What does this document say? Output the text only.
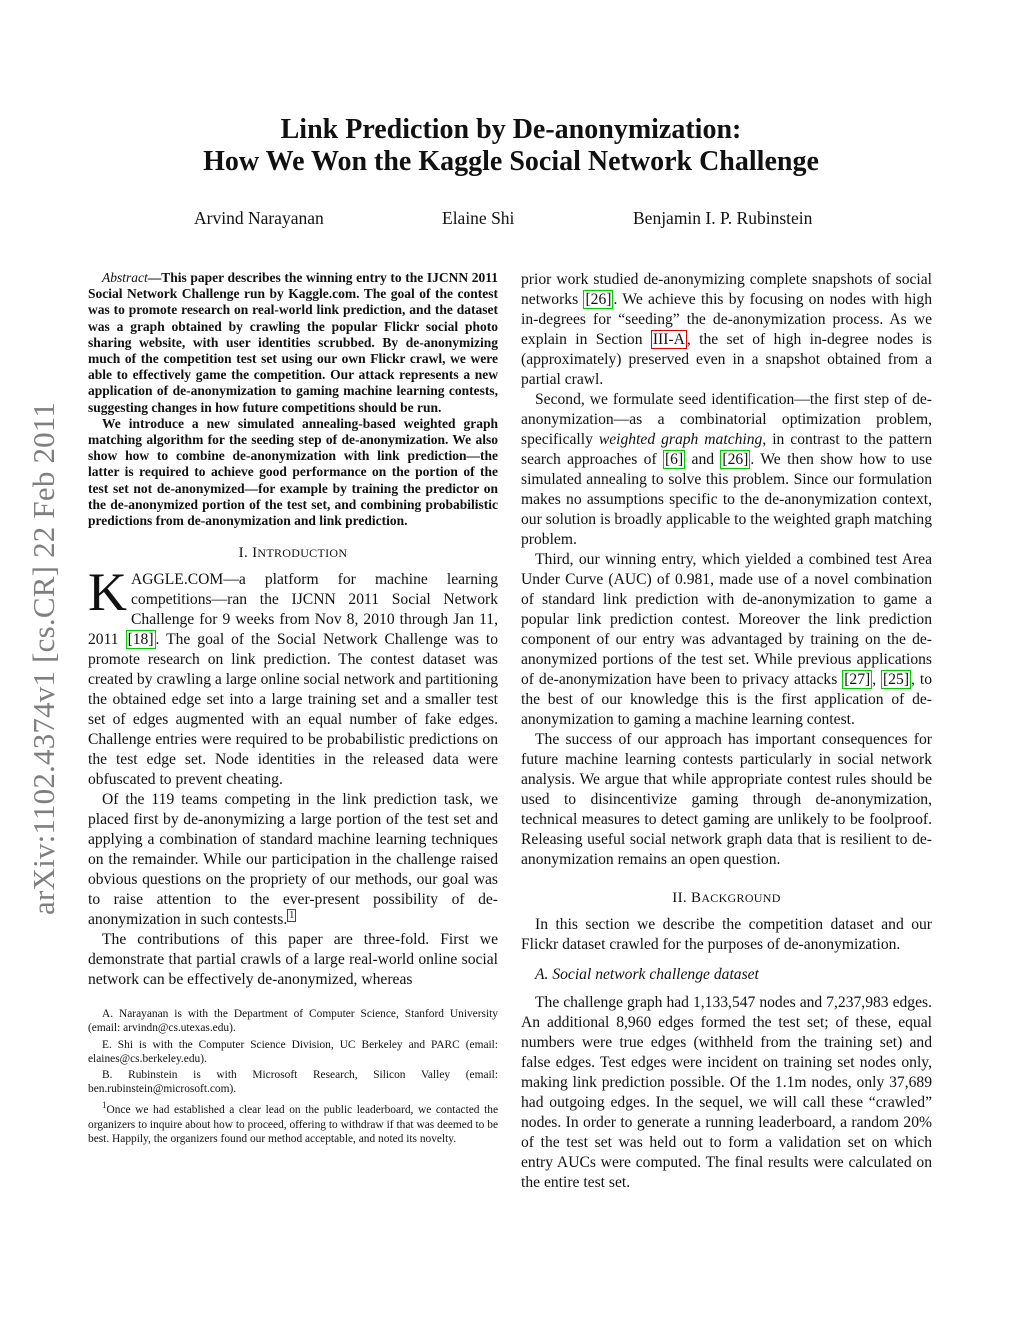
arXiv:1102.4374v1 [cs.CR] 22 Feb 2011
Link Prediction by De-anonymization:
How We Won the Kaggle Social Network Challenge
Arvind Narayanan	Elaine Shi	Benjamin I. P. Rubinstein

Abstract—This paper describes the winning entry to the IJCNN 2011 Social Network Challenge run by Kaggle.com. The goal of the contest was to promote research on real-world link prediction, and the dataset was a graph obtained by crawling the popular Flickr social photo sharing website, with user identities scrubbed. By de-anonymizing much of the competition test set using our own Flickr crawl, we were able to effectively game the competition. Our attack represents a new application of de-anonymization to gaming machine learning contests, suggesting changes in how future competitions should be run.

We introduce a new simulated annealing-based weighted graph matching algorithm for the seeding step of de-anonymization. We also show how to combine de-anonymization with link prediction—the latter is required to achieve good performance on the portion of the test set not de-anonymized—for example by training the predictor on the de-anonymized portion of the test set, and combining probabilistic predictions from de-anonymization and link prediction.

I. INTRODUCTION

KAGGLE.COM—a platform for machine learning competitions—ran the IJCNN 2011 Social Network Challenge for 9 weeks from Nov 8, 2010 through Jan 11, 2011 [18] . The goal of the Social Network Challenge was to promote research on link prediction. The contest dataset was created by crawling a large online social network and partitioning the obtained edge set into a large training set and a smaller test set of edges augmented with an equal number of fake edges. Challenge entries were required to be probabilistic predictions on the test edge set. Node identities in the released data were obfuscated to prevent cheating.

Of the 119 teams competing in the link prediction task, we placed first by de-anonymizing a large portion of the test set and applying a combination of standard machine learning techniques on the remainder. While our participation in the challenge raised obvious questions on the propriety of our methods, our goal was to raise attention to the ever-present possibility of de-anonymization in such contests. $^1$

The contributions of this paper are three-fold. First we demonstrate that partial crawls of a large real-world online social network can be effectively de-anonymized, whereas

A. Narayanan is with the Department of Computer Science, Stanford University (email: arvindn@cs.utexas.edu).

E. Shi is with the Computer Science Division, UC Berkeley and PARC (email: elaines@cs.berkeley.edu).

B. Rubinstein is with Microsoft Research, Silicon Valley (email: ben.rubinstein@microsoft.com).

$^1$Once we had established a clear lead on the public leaderboard, we contacted the organizers to inquire about how to proceed, offering to withdraw if that was deemed to be best. Happily, the organizers found our method acceptable, and noted its novelty.

prior work studied de-anonymizing complete snapshots of social networks [26] . We achieve this by focusing on nodes with high in-degrees for “seeding” the de-anonymization process. As we explain in Section III-A , the set of high in-degree nodes is (approximately) preserved even in a snapshot obtained from a partial crawl.

Second, we formulate seed identification—the first step of de-anonymization—as a combinatorial optimization problem, specifically weighted graph matching, in contrast to the pattern search approaches of [6] and [26] . We then show how to use simulated annealing to solve this problem. Since our formulation makes no assumptions specific to the de-anonymization context, our solution is broadly applicable to the weighted graph matching problem.

Third, our winning entry, which yielded a combined test Area Under Curve (AUC) of 0.981, made use of a novel combination of standard link prediction with de-anonymization to game a popular link prediction contest. Moreover the link prediction component of our entry was advantaged by training on the de-anonymized portions of the test set. While previous applications of de-anonymization have been to privacy attacks [27] , [25] , to the best of our knowledge this is the first application of de-anonymization to gaming a machine learning contest.

The success of our approach has important consequences for future machine learning contests particularly in social network analysis. We argue that while appropriate contest rules should be used to disincentivize gaming through de-anonymization, technical measures to detect gaming are unlikely to be foolproof. Releasing useful social network graph data that is resilient to de-anonymization remains an open question.

II. BACKGROUND

In this section we describe the competition dataset and our Flickr dataset crawled for the purposes of de-anonymization.

A. Social network challenge dataset

The challenge graph had 1,133,547 nodes and 7,237,983 edges. An additional 8,960 edges formed the test set; of these, equal numbers were true edges (withheld from the training set) and false edges. Test edges were incident on training set nodes only, making link prediction possible. Of the 1.1m nodes, only 37,689 had outgoing edges. In the sequel, we will call these “crawled” nodes. In order to generate a running leaderboard, a random 20% of the test set was held out to form a validation set on which entry AUCs were computed. The final results were calculated on the entire test set.
